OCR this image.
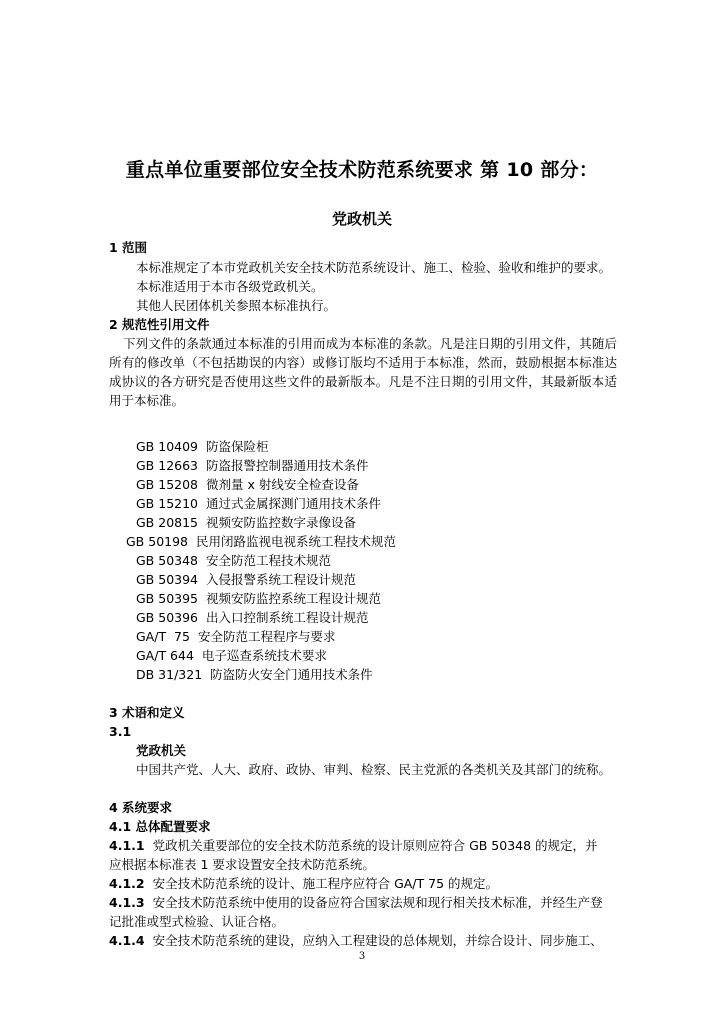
重点单位重要部位安全技术防范系统要求 第 10 部分：
党政机关
1 范围
本标准规定了本市党政机关安全技术防范系统设计、施工、检验、验收和维护的要求。
本标准适用于本市各级党政机关。
其他人民团体机关参照本标准执行。
2 规范性引用文件
下列文件的条款通过本标准的引用而成为本标准的条款。凡是注日期的引用文件，其随后所有的修改单（不包括勘误的内容）或修订版均不适用于本标准，然而，鼓励根据本标准达成协议的各方研究是否使用这些文件的最新版本。凡是不注日期的引用文件，其最新版本适用于本标准。
GB 10409 防盗保险柜
GB 12663 防盗报警控制器通用技术条件
GB 15208 微剂量 x 射线安全检查设备
GB 15210 通过式金属探测门通用技术条件
GB 20815 视频安防监控数字录像设备
GB 50198 民用闭路监视电视系统工程技术规范
GB 50348 安全防范工程技术规范
GB 50394 入侵报警系统工程设计规范
GB 50395 视频安防监控系统工程设计规范
GB 50396 出入口控制系统工程设计规范
GA/T  75 安全防范工程程序与要求
GA/T 644 电子巡查系统技术要求
DB 31/321 防盗防火安全门通用技术条件
3 术语和定义
3.1
党政机关
中国共产党、人大、政府、政协、审判、检察、民主党派的各类机关及其部门的统称。
4 系统要求
4.1 总体配置要求
4.1.1 党政机关重要部位的安全技术防范系统的设计原则应符合 GB 50348 的规定，并
应根据本标准表 1 要求设置安全技术防范系统。
4.1.2 安全技术防范系统的设计、施工程序应符合 GA/T 75 的规定。
4.1.3 安全技术防范系统中使用的设备应符合国家法规和现行相关技术标准，并经生产登
记批准或型式检验、认证合格。
4.1.4 安全技术防范系统的建设，应纳入工程建设的总体规划，并综合设计、同步施工、
3
